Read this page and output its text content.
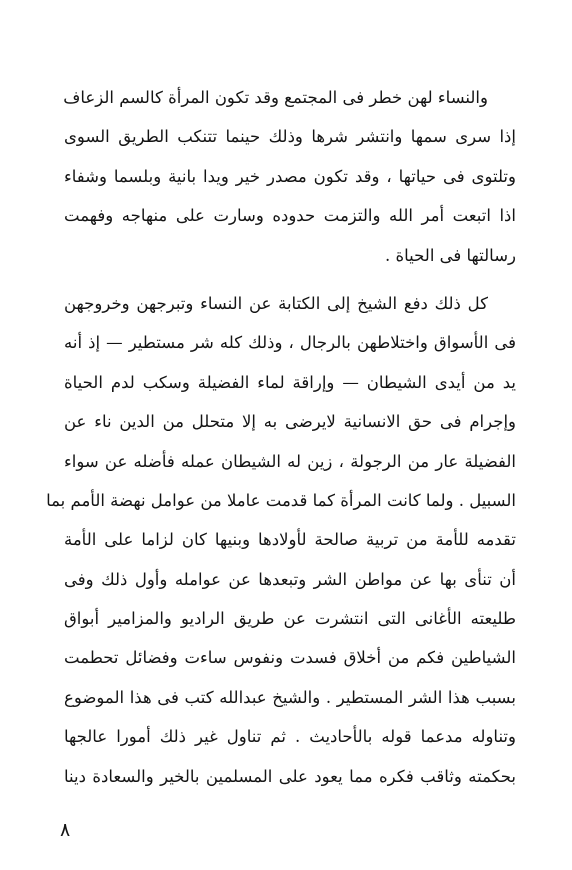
والنساء لهن خطر فى المجتمع وقد تكون المرأة كالسم الزعاف
إذا سرى سمها وانتشر شرها وذلك حينما تتنكب الطريق السوى
وتلتوى فى حياتها ، وقد تكون مصدر خير ويدا بانية وبلسما وشفاء
اذا اتبعت أمر الله والتزمت حدوده وسارت على منهاجه وفهمت
رسالتها فى الحياة .
كل ذلك دفع الشيخ إلى الكتابة عن النساء وتبرجهن وخروجهن
فى الأسواق واختلاطهن بالرجال ، وذلك كله شر مستطير — إذ أنه
يد من أيدى الشيطان — وإراقة لماء الفضيلة وسكب لدم الحياة
وإجرام فى حق الانسانية لايرضى به إلا متحلل من الدين ناء عن
الفضيلة عار من الرجولة ، زين له الشيطان عمله فأضله عن سواء
السبيل . ولما كانت المرأة كما قدمت عاملا من عوامل نهضة الأمم بما
تقدمه للأمة من تربية صالحة لأولادها وبنيها كان لزاما على الأمة
أن تنأى بها عن مواطن الشر وتبعدها عن عوامله وأول ذلك وفى
طليعته الأغانى التى انتشرت عن طريق الراديو والمزامير أبواق
الشياطين فكم من أخلاق فسدت ونفوس ساءت وفضائل تحطمت
بسبب هذا الشر المستطير . والشيخ عبدالله كتب فى هذا الموضوع
وتناوله مدعما قوله بالأحاديث . ثم تناول غير ذلك أمورا عالجها
بحكمته وثاقب فكره مما يعود على المسلمين بالخير والسعادة دينا
٨
